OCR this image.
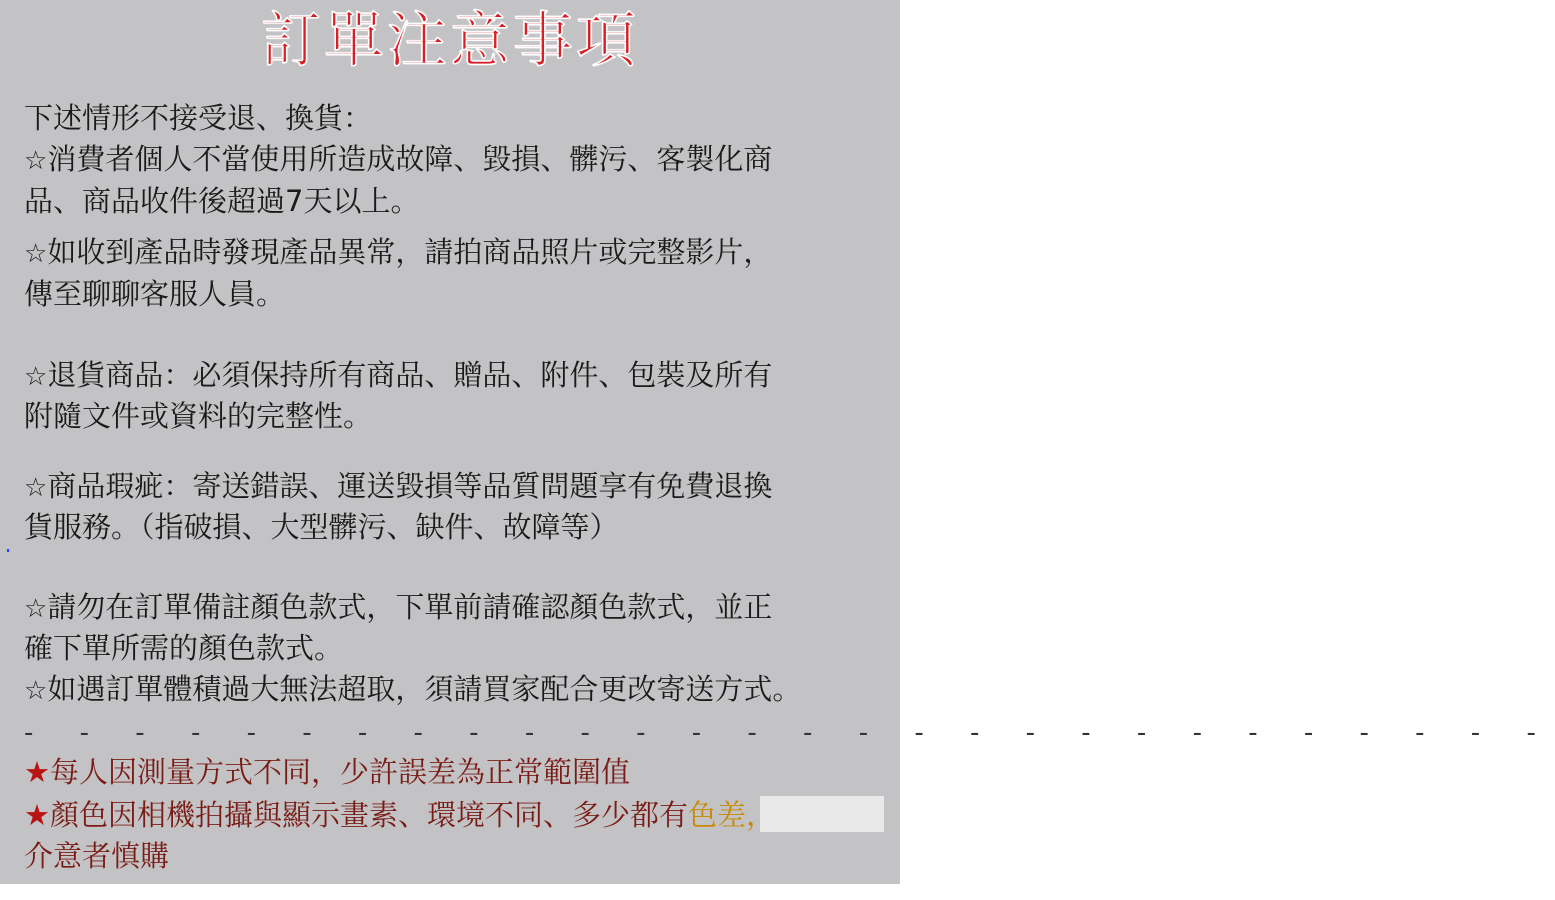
訂單注意事項
下述情形不接受退、換貨：
☆消費者個人不當使用所造成故障、毀損、髒污、客製化商
品、商品收件後超過7天以上。
☆如收到產品時發現產品異常，請拍商品照片或完整影片，
傳至聊聊客服人員。
☆退貨商品：必須保持所有商品、贈品、附件、包裝及所有
附隨文件或資料的完整性。
☆商品瑕疵：寄送錯誤、運送毀損等品質問題享有免費退換
貨服務。（指破損、大型髒污、缺件、故障等）
☆請勿在訂單備註顏色款式，下單前請確認顏色款式，並正
確下單所需的顏色款式。
☆如遇訂單體積過大無法超取，須請買家配合更改寄送方式。
- - - - - - - - - - - - - - - - - - - - - - - - - - - -
★每人因測量方式不同，少許誤差為正常範圍值
★顏色因相機拍攝與顯示畫素、環境不同、多少都有色差，
介意者慎購
